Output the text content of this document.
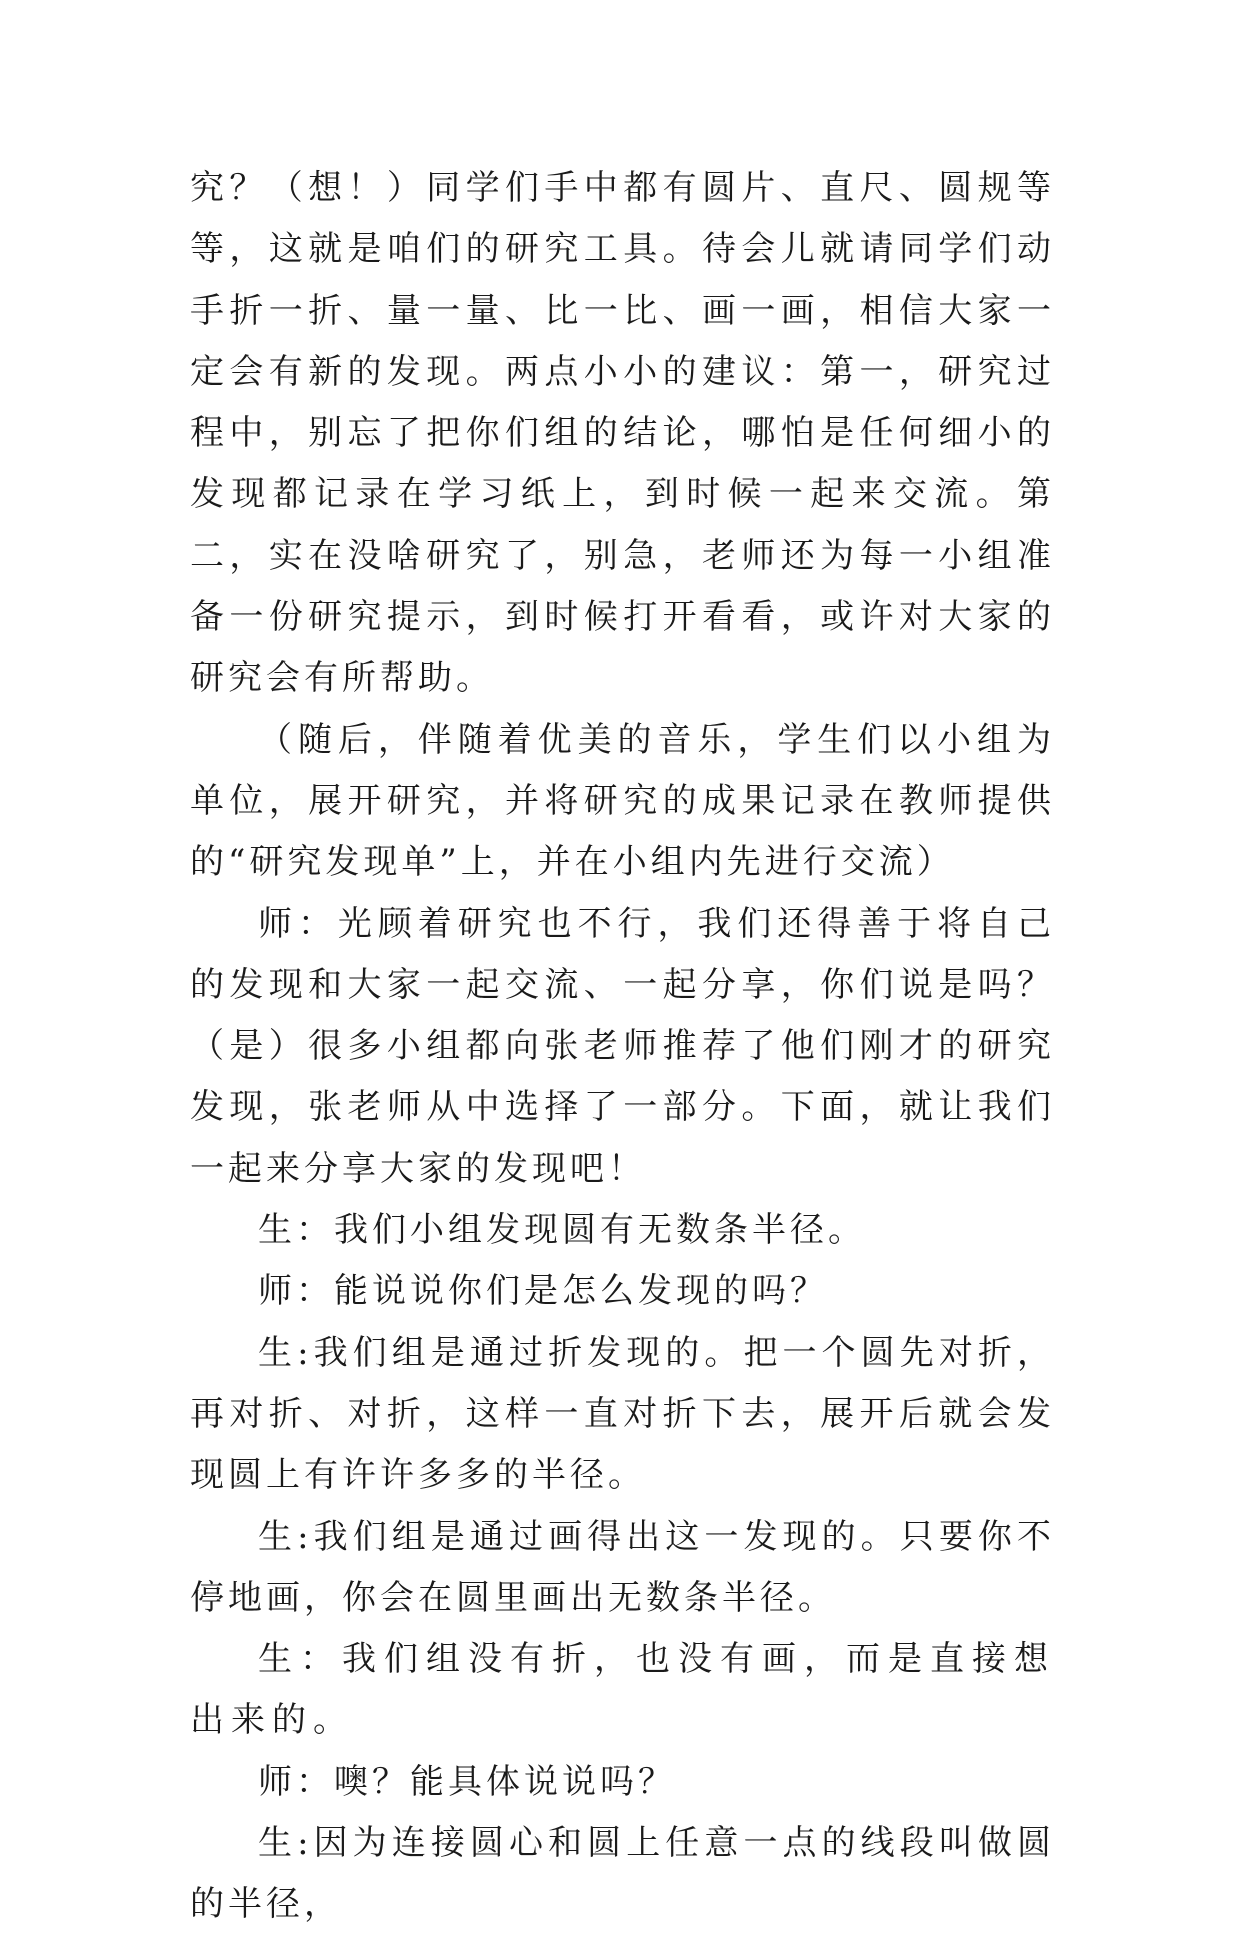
究？（想！）同学们手中都有圆片、直尺、圆规等等，这就是咱们的研究工具。待会儿就请同学们动手折一折、量一量、比一比、画一画，相信大家一定会有新的发现。两点小小的建议：第一，研究过程中，别忘了把你们组的结论，哪怕是任何细小的发现都记录在学习纸上，到时候一起来交流。第二，实在没啥研究了，别急，老师还为每一小组准备一份研究提示，到时候打开看看，或许对大家的研究会有所帮助。

（随后，伴随着优美的音乐，学生们以小组为单位，展开研究，并将研究的成果记录在教师提供的“研究发现单”上，并在小组内先进行交流）

师：光顾着研究也不行，我们还得善于将自己的发现和大家一起交流、一起分享，你们说是吗？（是）很多小组都向张老师推荐了他们刚才的研究发现，张老师从中选择了一部分。下面，就让我们一起来分享大家的发现吧！

生：我们小组发现圆有无数条半径。

师：能说说你们是怎么发现的吗？

生:我们组是通过折发现的。把一个圆先对折，再对折、对折，这样一直对折下去，展开后就会发现圆上有许许多多的半径。

生:我们组是通过画得出这一发现的。只要你不停地画，你会在圆里画出无数条半径。

生：我们组没有折，也没有画，而是直接想出来的。

师：噢？能具体说说吗？

生:因为连接圆心和圆上任意一点的线段叫做圆的半径，
